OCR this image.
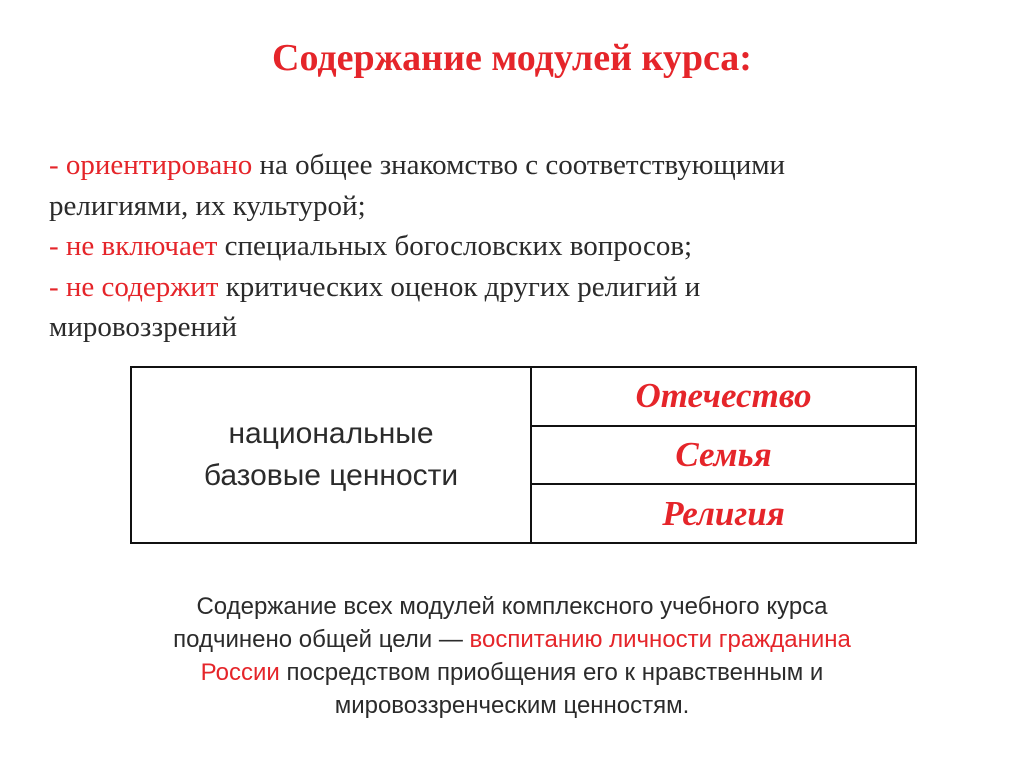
Содержание модулей курса:
- ориентировано на общее знакомство с соответствующими
религиями, их культурой;
- не включает специальных богословских вопросов;
- не содержит критических оценок других религий и
мировоззрений
национальные
базовые ценности
Отечество
Семья
Религия
Содержание всех модулей комплексного учебного курса
подчинено общей цели — воспитанию личности гражданина
России посредством приобщения его к нравственным и
мировоззренческим ценностям.
